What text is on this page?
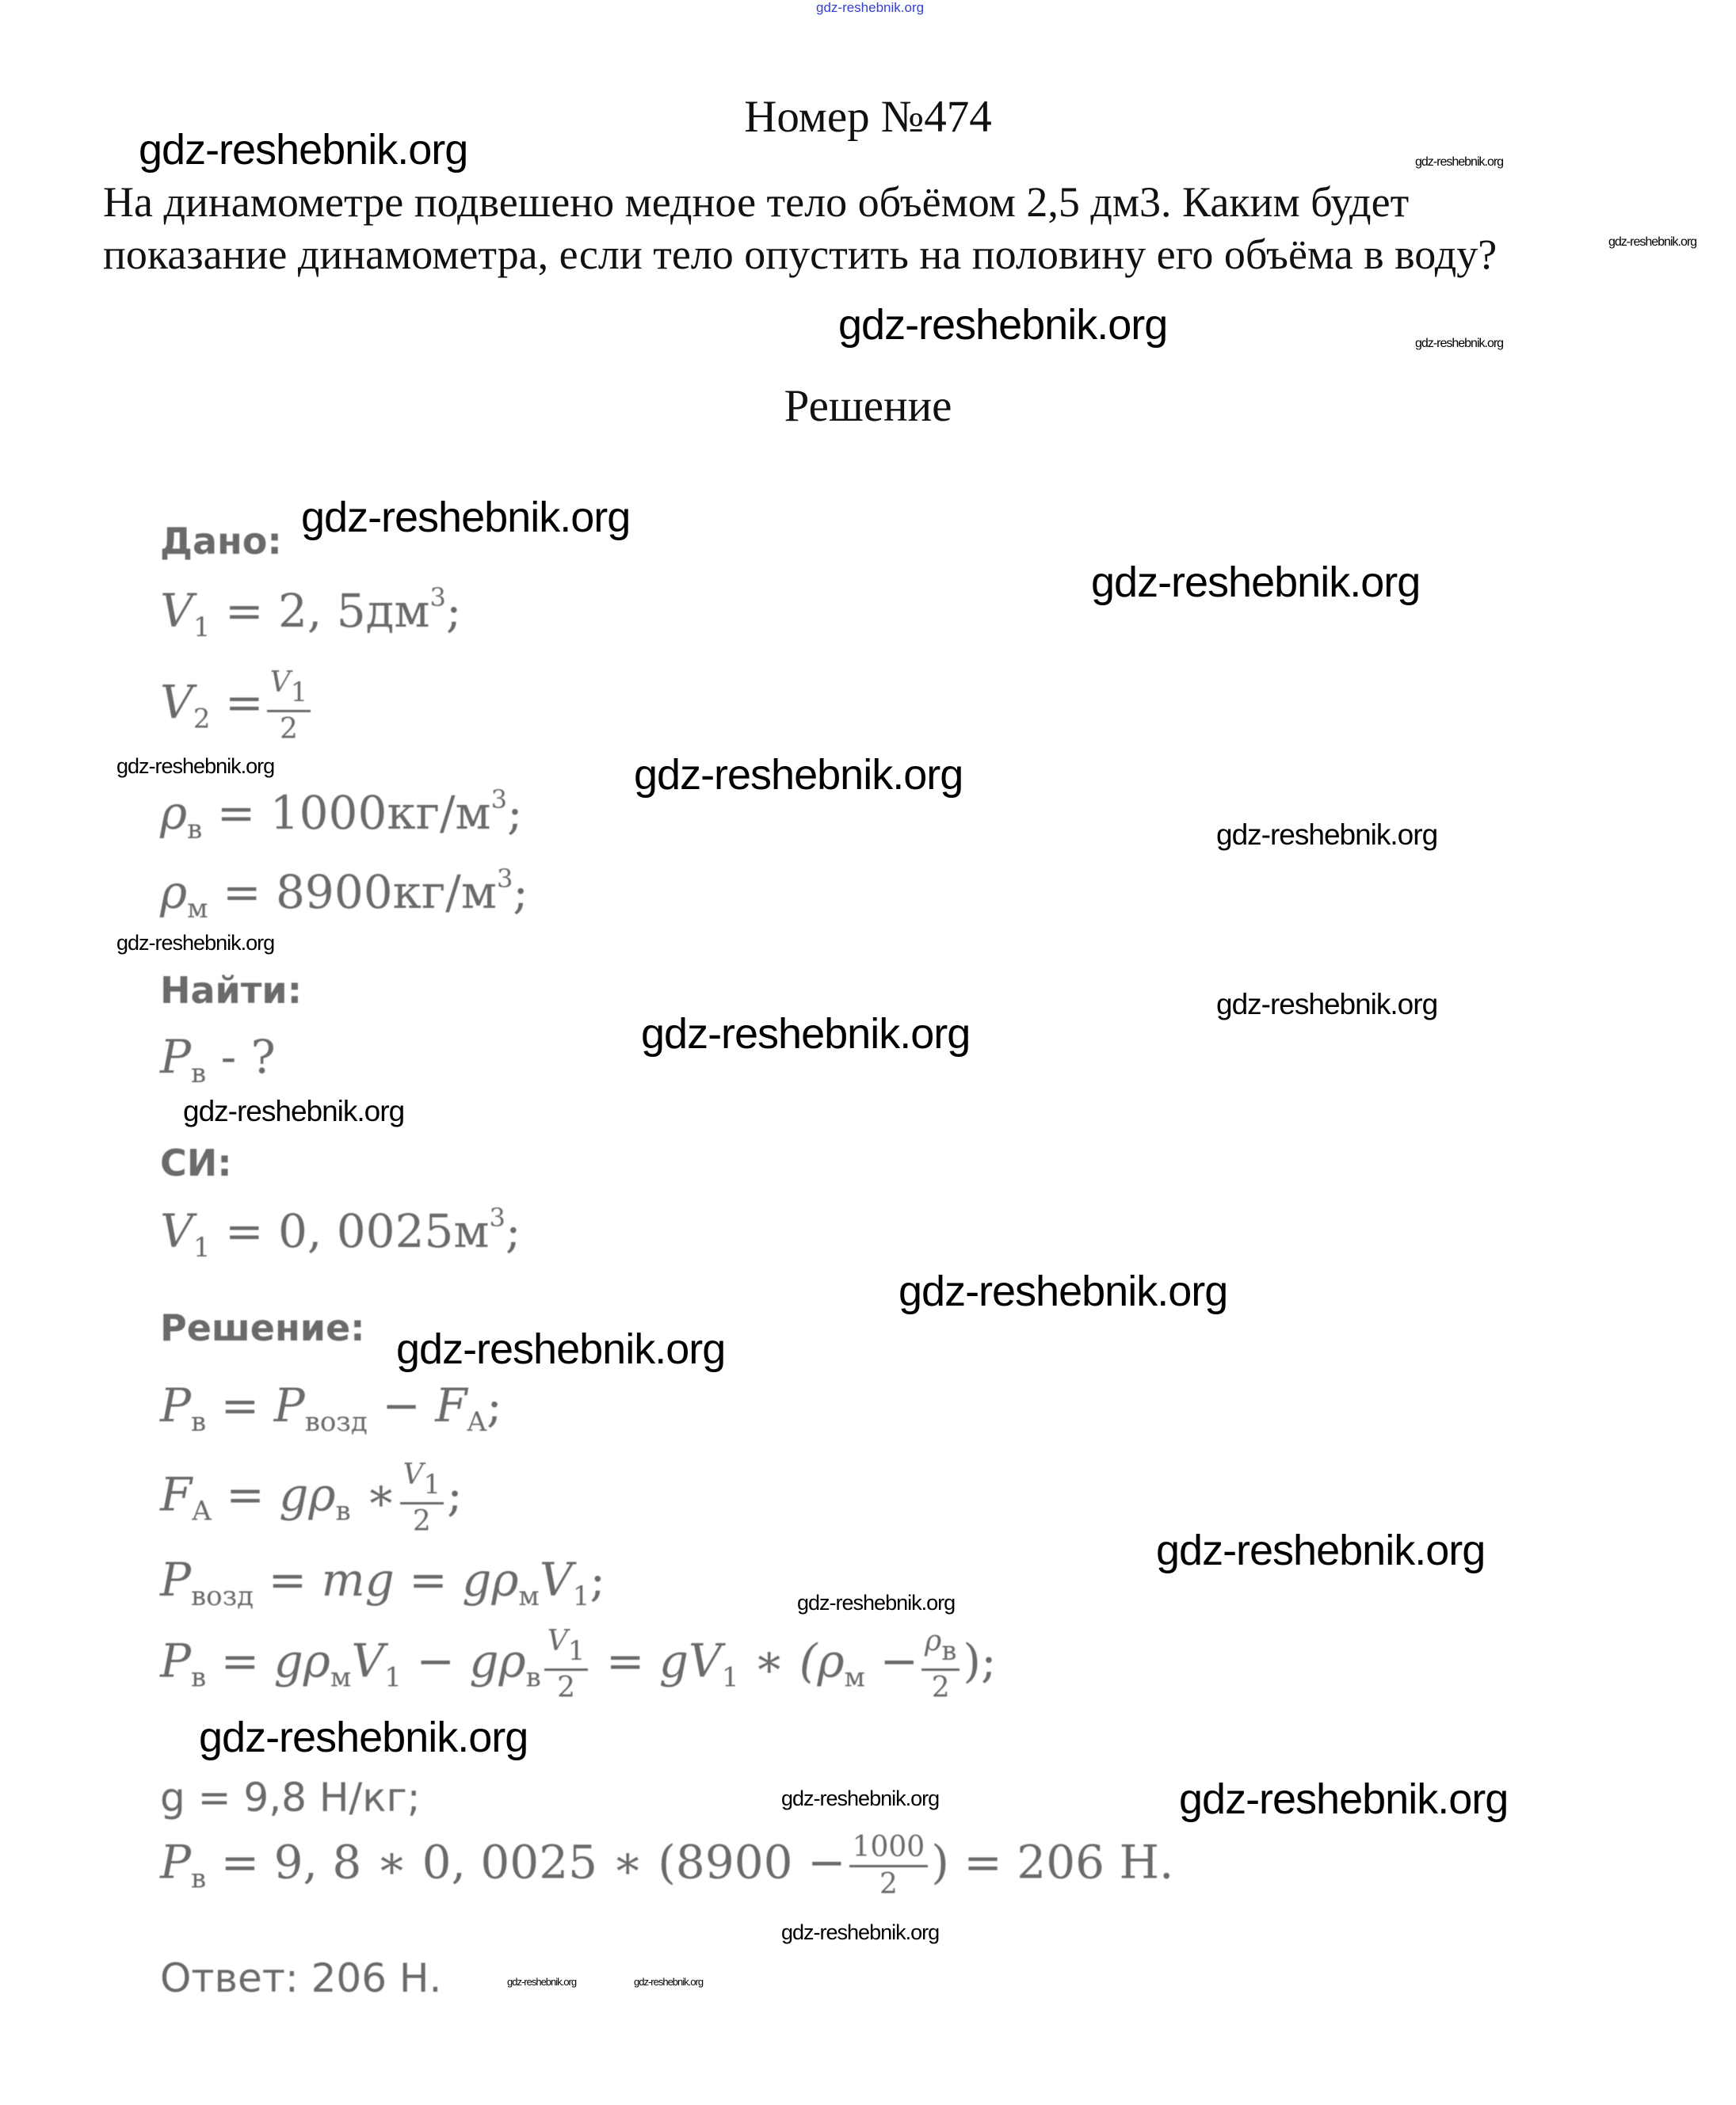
gdz-reshebnik.org
Номер №474
На динамометре подвешено медное тело объёмом 2,5 дм3. Каким будет показание динамометра, если тело опустить на половину его объёма в воду?
Решение
Дано:
$V_1 = 2$, $5дм^3$;
$V_2 = \frac{V_1}{2}$
$\rho_в = 1000кг/м^3$;
$\rho_м = 8900кг/м^3$;
Найти:
$P_в$ - ?
СИ:
$V_1 = 0$, $0025м^3$;
Решение:
$P_в = P_{возд} - F_A$;
$F_A = g\rho_в$ ∗ $\frac{V_1}{2}$ ;
$P_{возд}$ = mg = $g\rho_мV_1$;
$P_в = g\rho_мV_1 - g\rho_в \frac{V_1}{2} = gV_1$ ∗ ($\rho_м - \frac{\rho_в}{2}$ );
g = 9,8 Н/кг;
$P_в = 9$, 8 ∗ 0, 0025 ∗ ($8900 - \frac{1000}{2}$ ) = 206 Н.
Ответ: 206 Н.
gdz-reshebnik.org	gdz-reshebnik.org
gdz-reshebnik.org
gdz-reshebnik.org	gdz-reshebnik.org
gdz-reshebnik.org
gdz-reshebnik.org
gdz-reshebnik.org	gdz-reshebnik.org
gdz-reshebnik.org
gdz-reshebnik.org
gdz-reshebnik.org
gdz-reshebnik.org
gdz-reshebnik.org
gdz-reshebnik.org
gdz-reshebnik.org
gdz-reshebnik.org
gdz-reshebnik.org
gdz-reshebnik.org
gdz-reshebnik.org	gdz-reshebnik.org
gdz-reshebnik.org
gdz-reshebnik.org	gdz-reshebnik.org
